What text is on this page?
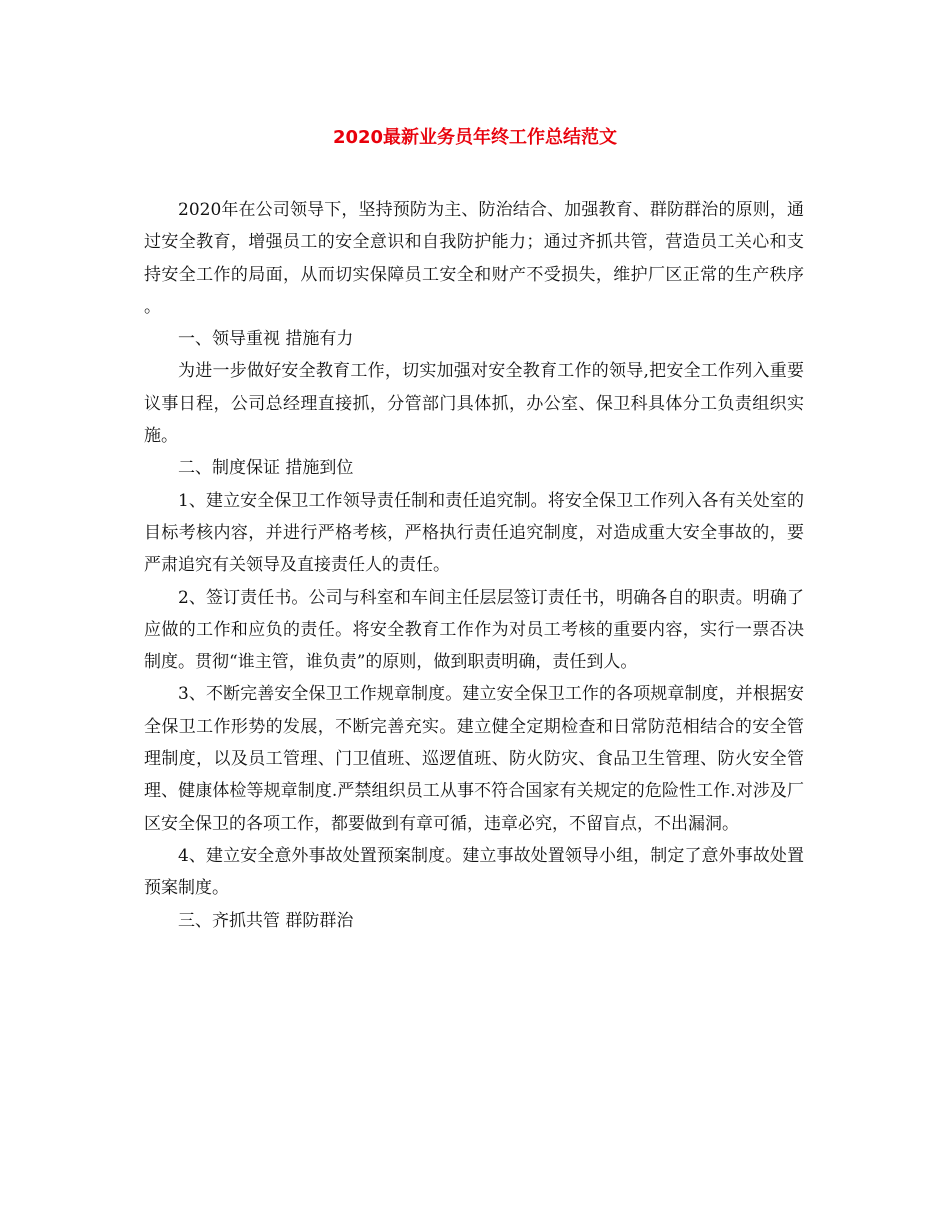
2020最新业务员年终工作总结范文

2020年在公司领导下，坚持预防为主、防治结合、加强教育、群防群治的原则，通过安全教育，增强员工的安全意识和自我防护能力；通过齐抓共管，营造员工关心和支持安全工作的局面，从而切实保障员工安全和财产不受损失，维护厂区正常的生产秩序。

一、领导重视 措施有力

为进一步做好安全教育工作，切实加强对安全教育工作的领导,把安全工作列入重要议事日程，公司总经理直接抓，分管部门具体抓，办公室、保卫科具体分工负责组织实施。

二、制度保证 措施到位

1、建立安全保卫工作领导责任制和责任追究制。将安全保卫工作列入各有关处室的目标考核内容，并进行严格考核，严格执行责任追究制度，对造成重大安全事故的，要严肃追究有关领导及直接责任人的责任。

2、签订责任书。公司与科室和车间主任层层签订责任书，明确各自的职责。明确了应做的工作和应负的责任。将安全教育工作作为对员工考核的重要内容，实行一票否决制度。贯彻“谁主管，谁负责”的原则，做到职责明确，责任到人。

3、不断完善安全保卫工作规章制度。建立安全保卫工作的各项规章制度，并根据安全保卫工作形势的发展，不断完善充实。建立健全定期检查和日常防范相结合的安全管理制度，以及员工管理、门卫值班、巡逻值班、防火防灾、食品卫生管理、防火安全管理、健康体检等规章制度.严禁组织员工从事不符合国家有关规定的危险性工作.对涉及厂区安全保卫的各项工作，都要做到有章可循，违章必究，不留盲点，不出漏洞。

4、建立安全意外事故处置预案制度。建立事故处置领导小组，制定了意外事故处置预案制度。

三、齐抓共管 群防群治
